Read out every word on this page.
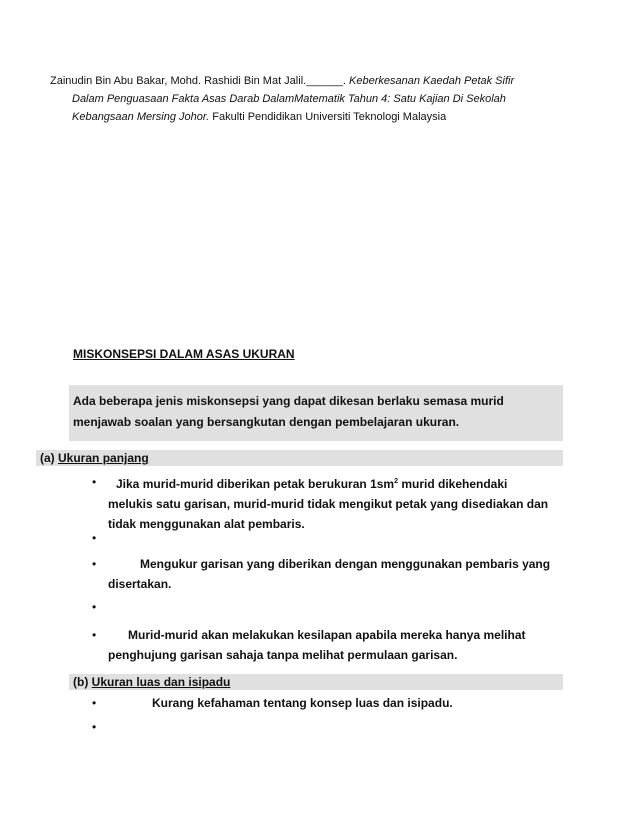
Zainudin Bin Abu Bakar, Mohd. Rashidi Bin Mat Jalil.______. Keberkesanan Kaedah Petak Sifir
Dalam Penguasaan Fakta Asas Darab DalamMatematik Tahun 4: Satu Kajian Di Sekolah
Kebangsaan Mersing Johor. Fakulti Pendidikan Universiti Teknologi Malaysia
MISKONSEPSI DALAM ASAS UKURAN
Ada beberapa jenis miskonsepsi yang dapat dikesan berlaku semasa murid
menjawab soalan yang bersangkutan dengan pembelajaran ukuran.
(a) Ukuran panjang
•	Jika murid-murid diberikan petak berukuran $1sm^2$ murid dikehendaki
melukis satu garisan, murid-murid tidak mengikut petak yang disediakan dan
tidak menggunakan alat pembaris.
•
•	Mengukur garisan yang diberikan dengan menggunakan pembaris yang
disertakan.
•
•	Murid-murid akan melakukan kesilapan apabila mereka hanya melihat
penghujung garisan sahaja tanpa melihat permulaan garisan.
(b) Ukuran luas dan isipadu
•	Kurang kefahaman tentang konsep luas dan isipadu.
•
